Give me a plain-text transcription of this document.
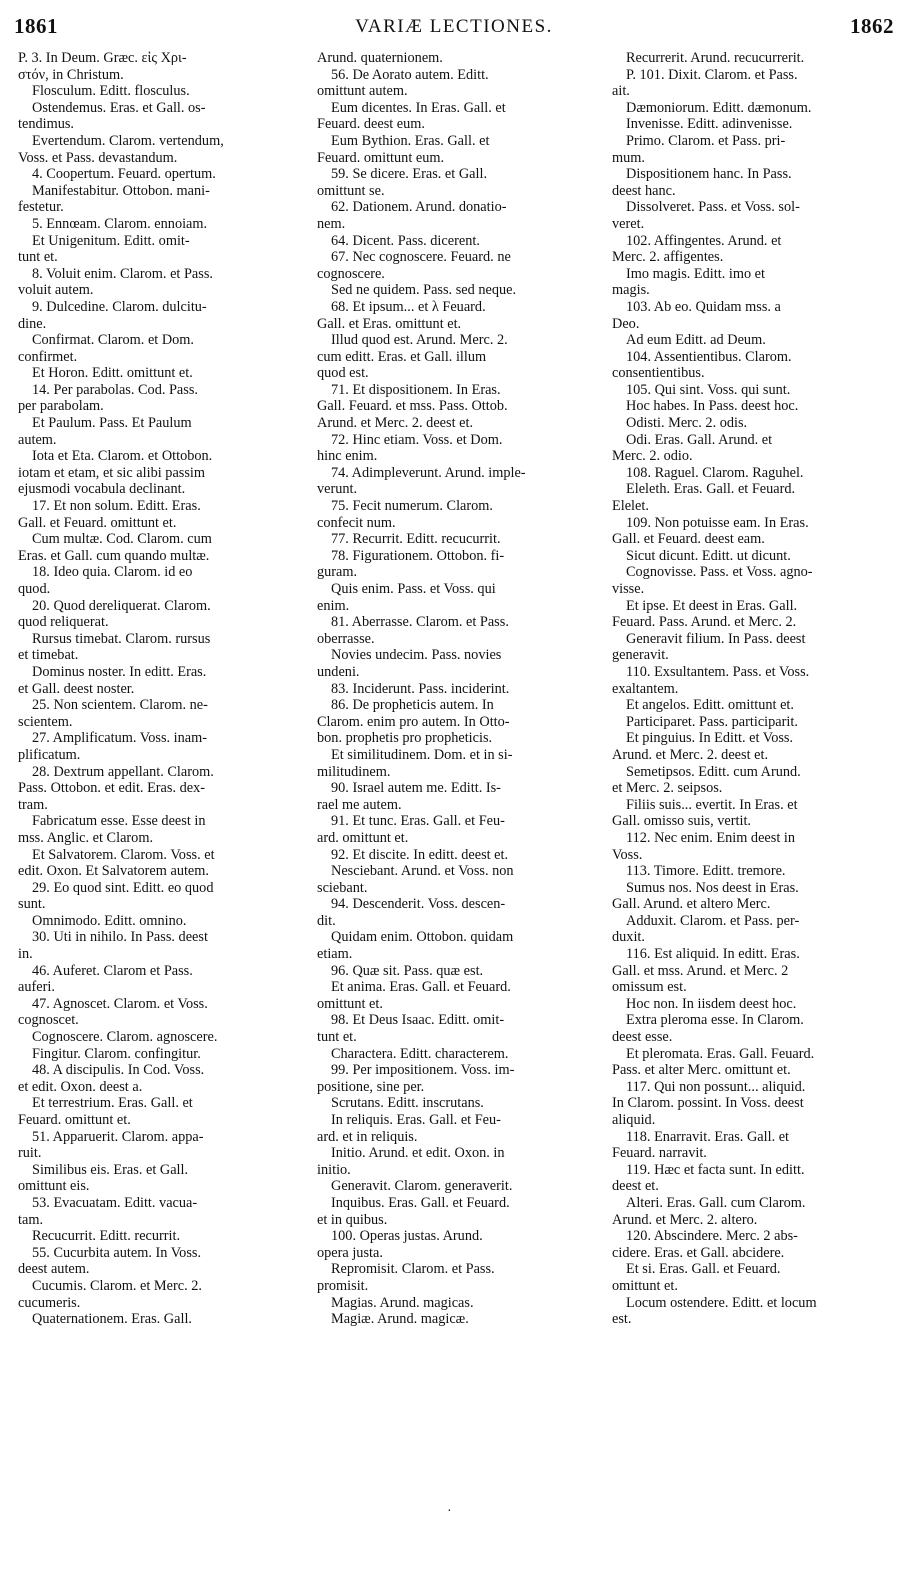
1861	VARIÆ LECTIONES.	1862
P. 3. In Deum. Græc. εἰς Χρι-
στόν, in Christum.
Flosculum. Editt. flosculus.
Ostendemus. Eras. et Gall. os-
tendimus.
Evertendum. Clarom. vertendum,
Voss. et Pass. devastandum.
4. Coopertum. Feuard. opertum.
Manifestabitur. Ottobon. mani-
festetur.
5. Ennœam. Clarom. ennoiam.
Et Unigenitum. Editt. omit-
tunt et.
8. Voluit enim. Clarom. et Pass.
voluit autem.
9. Dulcedine. Clarom. dulcitu-
dine.
Confirmat. Clarom. et Dom.
confirmet.
Et Horon. Editt. omittunt et.
14. Per parabolas. Cod. Pass.
per parabolam.
Et Paulum. Pass. Et Paulum
autem.
Iota et Eta. Clarom. et Ottobon.
iotam et etam, et sic alibi passim
ejusmodi vocabula declinant.
17. Et non solum. Editt. Eras.
Gall. et Feuard. omittunt et.
Cum multæ. Cod. Clarom. cum
Eras. et Gall. cum quando multæ.
18. Ideo quia. Clarom. id eo
quod.
20. Quod dereliquerat. Clarom.
quod reliquerat.
Rursus timebat. Clarom. rursus
et timebat.
Dominus noster. In editt. Eras.
et Gall. deest noster.
25. Non scientem. Clarom. ne-
scientem.
27. Amplificatum. Voss. inam-
plificatum.
28. Dextrum appellant. Clarom.
Pass. Ottobon. et edit. Eras. dex-
tram.
Fabricatum esse. Esse deest in
mss. Anglic. et Clarom.
Et Salvatorem. Clarom. Voss. et
edit. Oxon. Et Salvatorem autem.
29. Eo quod sint. Editt. eo quod
sunt.
Omnimodo. Editt. omnino.
30. Uti in nihilo. In Pass. deest
in.
46. Auferet. Clarom et Pass.
auferi.
47. Agnoscet. Clarom. et Voss.
cognoscet.
Cognoscere. Clarom. agnoscere.
Fingitur. Clarom. confingitur.
48. A discipulis. In Cod. Voss.
et edit. Oxon. deest a.
Et terrestrium. Eras. Gall. et
Feuard. omittunt et.
51. Apparuerit. Clarom. appa-
ruit.
Similibus eis. Eras. et Gall.
omittunt eis.
53. Evacuatam. Editt. vacua-
tam.
Recucurrit. Editt. recurrit.
55. Cucurbita autem. In Voss.
deest autem.
Cucumis. Clarom. et Merc. 2.
cucumeris.
Quaternationem. Eras. Gall.
Arund. quaternionem.
56. De Aorato autem. Editt.
omittunt autem.
Eum dicentes. In Eras. Gall. et
Feuard. deest eum.
Eum Bythion. Eras. Gall. et
Feuard. omittunt eum.
59. Se dicere. Eras. et Gall.
omittunt se.
62. Dationem. Arund. donatio-
nem.
64. Dicent. Pass. dicerent.
67. Nec cognoscere. Feuard. ne
cognoscere.
Sed ne quidem. Pass. sed neque.
68. Et ipsum... et λ Feuard.
Gall. et Eras. omittunt et.
Illud quod est. Arund. Merc. 2.
cum editt. Eras. et Gall. illum
quod est.
71. Et dispositionem. In Eras.
Gall. Feuard. et mss. Pass. Ottob.
Arund. et Merc. 2. deest et.
72. Hinc etiam. Voss. et Dom.
hinc enim.
74. Adimpleverunt. Arund. imple-
verunt.
75. Fecit numerum. Clarom.
confecit num.
77. Recurrit. Editt. recucurrit.
78. Figurationem. Ottobon. fi-
guram.
Quis enim. Pass. et Voss. qui
enim.
81. Aberrasse. Clarom. et Pass.
oberrasse.
Novies undecim. Pass. novies
undeni.
83. Inciderunt. Pass. inciderint.
86. De propheticis autem. In
Clarom. enim pro autem. In Otto-
bon. prophetis pro propheticis.
Et similitudinem. Dom. et in si-
militudinem.
90. Israel autem me. Editt. Is-
rael me autem.
91. Et tunc. Eras. Gall. et Feu-
ard. omittunt et.
92. Et discite. In editt. deest et.
Nesciebant. Arund. et Voss. non
sciebant.
94. Descenderit. Voss. descen-
dit.
Quidam enim. Ottobon. quidam
etiam.
96. Quæ sit. Pass. quæ est.
Et anima. Eras. Gall. et Feuard.
omittunt et.
98. Et Deus Isaac. Editt. omit-
tunt et.
Charactera. Editt. characterem.
99. Per impositionem. Voss. im-
positione, sine per.
Scrutans. Editt. inscrutans.
In reliquis. Eras. Gall. et Feu-
ard. et in reliquis.
Initio. Arund. et edit. Oxon. in
initio.
Generavit. Clarom. generaverit.
Inquibus. Eras. Gall. et Feuard.
et in quibus.
100. Operas justas. Arund.
opera justa.
Repromisit. Clarom. et Pass.
promisit.
Magias. Arund. magicas.
Magiæ. Arund. magicæ.
Recurrerit. Arund. recucurrerit.
P. 101. Dixit. Clarom. et Pass.
ait.
Dæmoniorum. Editt. dæmonum.
Invenisse. Editt. adinvenisse.
Primo. Clarom. et Pass. pri-
mum.
Dispositionem hanc. In Pass.
deest hanc.
Dissolveret. Pass. et Voss. sol-
veret.
102. Affingentes. Arund. et
Merc. 2. affigentes.
Imo magis. Editt. imo et
magis.
103. Ab eo. Quidam mss. a
Deo.
Ad eum Editt. ad Deum.
104. Assentientibus. Clarom.
consentientibus.
105. Qui sint. Voss. qui sunt.
Hoc habes. In Pass. deest hoc.
Odisti. Merc. 2. odis.
Odi. Eras. Gall. Arund. et
Merc. 2. odio.
108. Raguel. Clarom. Raguhel.
Eleleth. Eras. Gall. et Feuard.
Elelet.
109. Non potuisse eam. In Eras.
Gall. et Feuard. deest eam.
Sicut dicunt. Editt. ut dicunt.
Cognovisse. Pass. et Voss. agno-
visse.
Et ipse. Et deest in Eras. Gall.
Feuard. Pass. Arund. et Merc. 2.
Generavit filium. In Pass. deest
generavit.
110. Exsultantem. Pass. et Voss.
exaltantem.
Et angelos. Editt. omittunt et.
Participaret. Pass. participarit.
Et pinguius. In Editt. et Voss.
Arund. et Merc. 2. deest et.
Semetipsos. Editt. cum Arund.
et Merc. 2. seipsos.
Filiis suis... evertit. In Eras. et
Gall. omisso suis, vertit.
112. Nec enim. Enim deest in
Voss.
113. Timore. Editt. tremore.
Sumus nos. Nos deest in Eras.
Gall. Arund. et altero Merc.
Adduxit. Clarom. et Pass. per-
duxit.
116. Est aliquid. In editt. Eras.
Gall. et mss. Arund. et Merc. 2
omissum est.
Hoc non. In iisdem deest hoc.
Extra pleroma esse. In Clarom.
deest esse.
Et pleromata. Eras. Gall. Feuard.
Pass. et alter Merc. omittunt et.
117. Qui non possunt... aliquid.
In Clarom. possint. In Voss. deest
aliquid.
118. Enarravit. Eras. Gall. et
Feuard. narravit.
119. Hæc et facta sunt. In editt.
deest et.
Alteri. Eras. Gall. cum Clarom.
Arund. et Merc. 2. altero.
120. Abscindere. Merc. 2 abs-
cidere. Eras. et Gall. abcidere.
Et si. Eras. Gall. et Feuard.
omittunt et.
Locum ostendere. Editt. et locum
est.
·
